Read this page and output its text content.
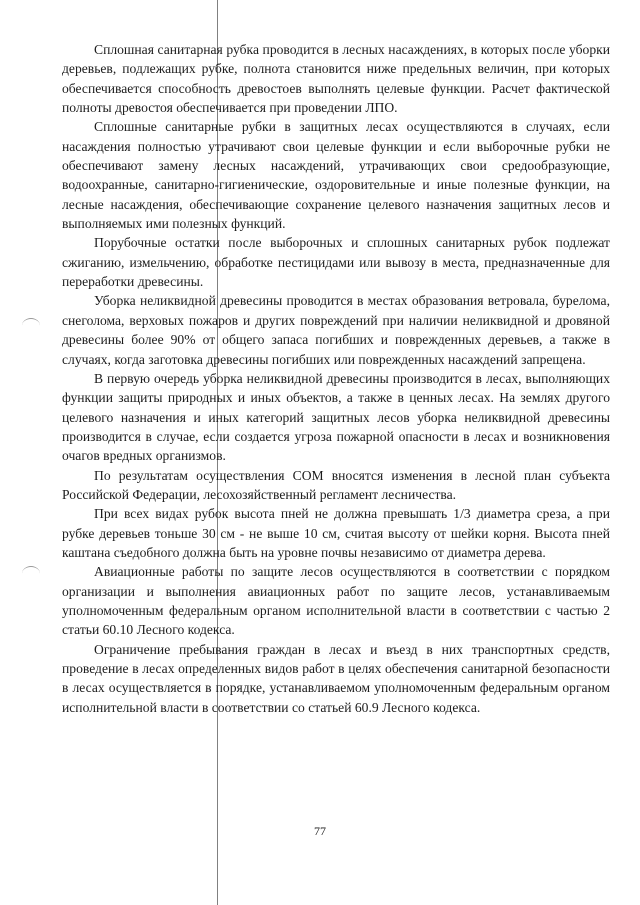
Сплошная санитарная рубка проводится в лесных насаждениях, в которых после уборки деревьев, подлежащих рубке, полнота становится ниже предельных величин, при которых обеспечивается способность древостоев выполнять целевые функции. Расчет фактической полноты древостоя обеспечивается при проведении ЛПО.

Сплошные санитарные рубки в защитных лесах осуществляются в случаях, если насаждения полностью утрачивают свои целевые функции и если выборочные рубки не обеспечивают замену лесных насаждений, утрачивающих свои средообразующие, водоохранные, санитарно-гигиенические, оздоровительные и иные полезные функции, на лесные насаждения, обеспечивающие сохранение целевого назначения защитных лесов и выполняемых ими полезных функций.

Порубочные остатки после выборочных и сплошных санитарных рубок подлежат сжиганию, измельчению, обработке пестицидами или вывозу в места, предназначенные для переработки древесины.

Уборка неликвидной древесины проводится в местах образования ветровала, бурелома, снеголома, верховых пожаров и других повреждений при наличии неликвидной и дровяной древесины более 90% от общего запаса погибших и поврежденных деревьев, а также в случаях, когда заготовка древесины погибших или поврежденных насаждений запрещена.

В первую очередь уборка неликвидной древесины производится в лесах, выполняющих функции защиты природных и иных объектов, а также в ценных лесах. На землях другого целевого назначения и иных категорий защитных лесов уборка неликвидной древесины производится в случае, если создается угроза пожарной опасности в лесах и возникновения очагов вредных организмов.

По результатам осуществления СОМ вносятся изменения в лесной план субъекта Российской Федерации, лесохозяйственный регламент лесничества.

При всех видах рубок высота пней не должна превышать 1/3 диаметра среза, а при рубке деревьев тоньше 30 см - не выше 10 см, считая высоту от шейки корня. Высота пней каштана съедобного должна быть на уровне почвы независимо от диаметра дерева.

Авиационные работы по защите лесов осуществляются в соответствии с порядком организации и выполнения авиационных работ по защите лесов, устанавливаемым уполномоченным федеральным органом исполнительной власти в соответствии с частью 2 статьи 60.10 Лесного кодекса.

Ограничение пребывания граждан в лесах и въезд в них транспортных средств, проведение в лесах определенных видов работ в целях обеспечения санитарной безопасности в лесах осуществляется в порядке, устанавливаемом уполномоченным федеральным органом исполнительной власти в соответствии со статьей 60.9 Лесного кодекса.

77
